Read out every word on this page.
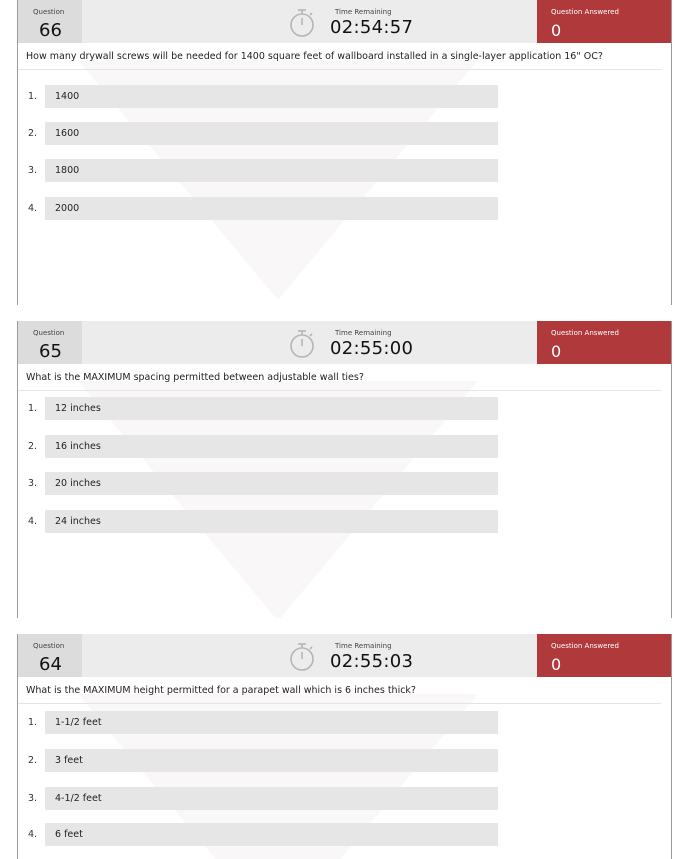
Question
66
Time Remaining
02:54:57
Question Answered
0
How many drywall screws will be needed for 1400 square feet of wallboard installed in a single-layer application 16" OC?
1. 1400
2. 1600
3. 1800
4. 2000
Question
65
Time Remaining
02:55:00
Question Answered
0
What is the MAXIMUM spacing permitted between adjustable wall ties?
1. 12 inches
2. 16 inches
3. 20 inches
4. 24 inches
Question
64
Time Remaining
02:55:03
Question Answered
0
What is the MAXIMUM height permitted for a parapet wall which is 6 inches thick?
1. 1-1/2 feet
2. 3 feet
3. 4-1/2 feet
4. 6 feet
